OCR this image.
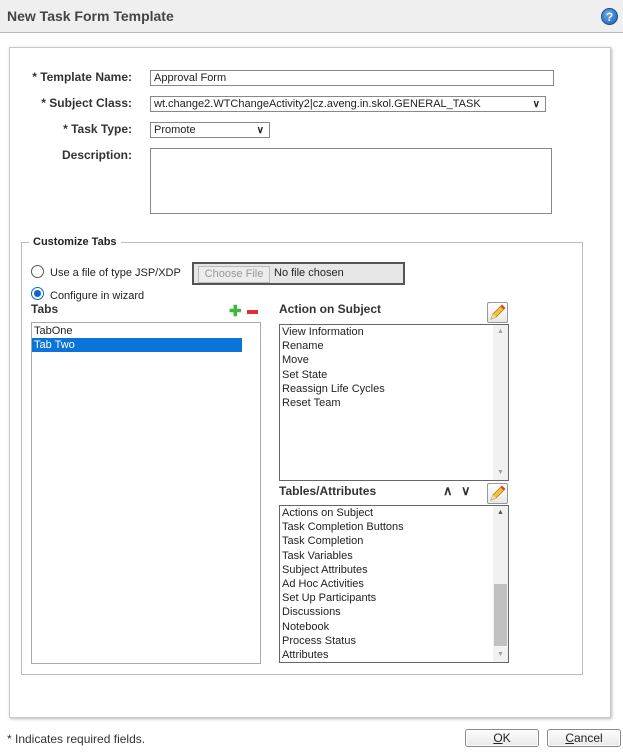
New Task Form Template	?
* Template Name:	Approval Form
* Subject Class:	wt.change2.WTChangeActivity2|cz.aveng.in.skol.GENERAL_TASK	∨
* Task Type:	Promote	∨
Description:
Customize Tabs
Use a file of type JSP/XDP	Choose File No file chosen
Configure in wizard
Tabs	✚
TabOne
Tab Two
Action on Subject
View Information
Rename
Move
Set State
Reassign Life Cycles
Reset Team
▲
▼
Tables/Attributes	∧ ∨
Actions on Subject
Task Completion Buttons
Task Completion
Task Variables
Subject Attributes
Ad Hoc Activities
Set Up Participants
Discussions
Notebook
Process Status
Attributes
▲
▼
* Indicates required fields.	OK	Cancel
